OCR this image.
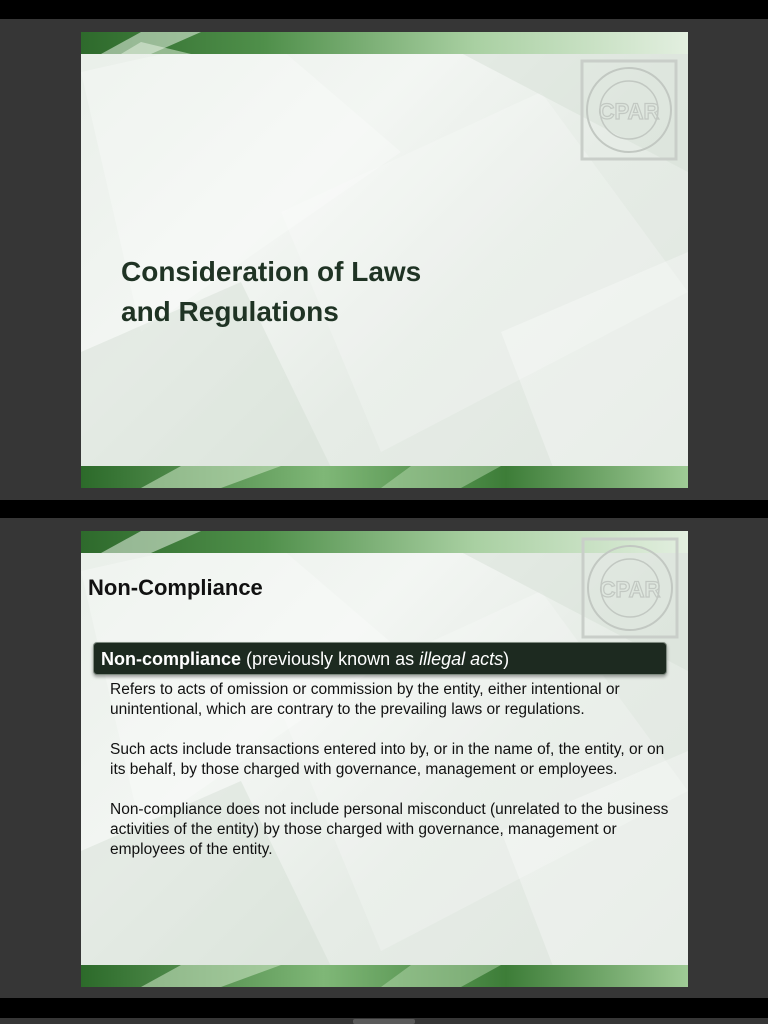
CPAR
Consideration of Laws
and Regulations
CPAR
Non-Compliance
Non-compliance (previously known as illegal acts)

Refers to acts of omission or commission by the entity, either intentional or unintentional, which are contrary to the prevailing laws or regulations.

Such acts include transactions entered into by, or in the name of, the entity, or on its behalf, by those charged with governance, management or employees.

Non-compliance does not include personal misconduct (unrelated to the business activities of the entity) by those charged with governance, management or employees of the entity.
